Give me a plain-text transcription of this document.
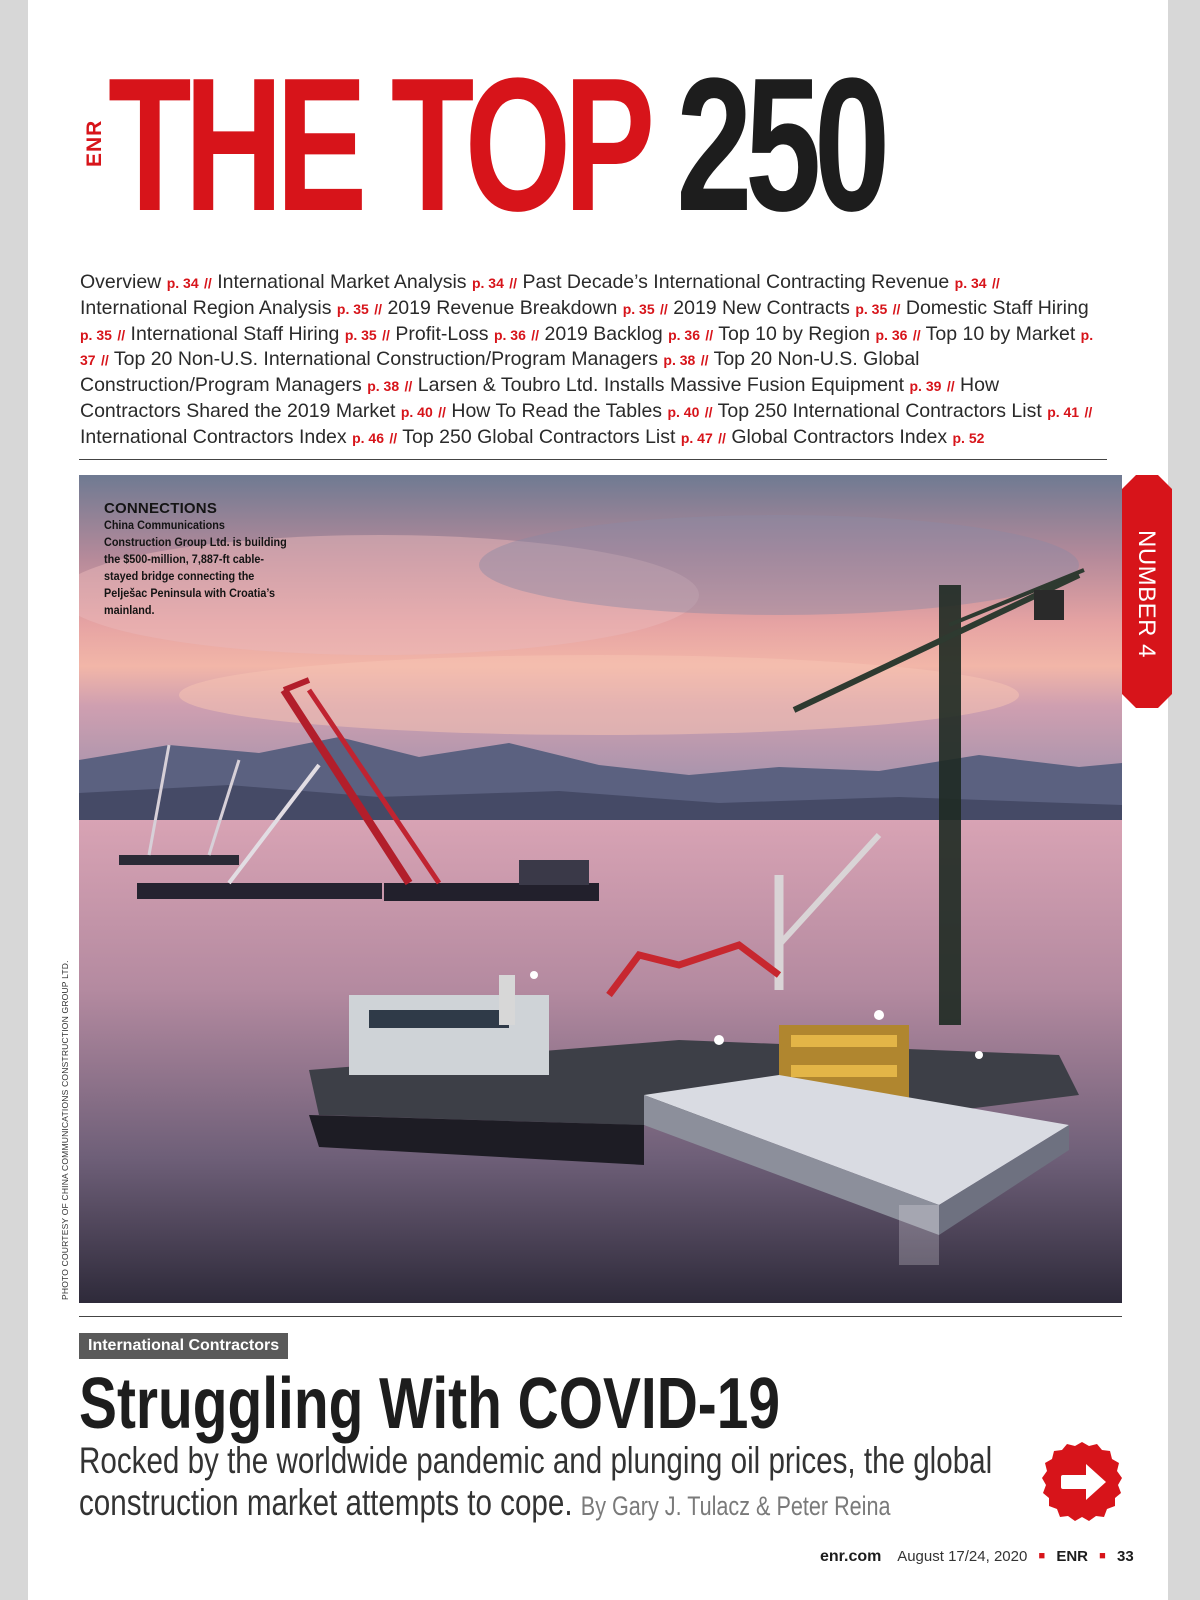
ENR THE TOP 250
Overview p. 34 // International Market Analysis p. 34 // Past Decade’s International Contracting Revenue p. 34 // International Region Analysis p. 35 // 2019 Revenue Breakdown p. 35 // 2019 New Contracts p. 35 // Domestic Staff Hiring p. 35 // International Staff Hiring p. 35 // Profit-Loss p. 36 // 2019 Backlog p. 36 // Top 10 by Region p. 36 // Top 10 by Market p. 37 // Top 20 Non-U.S. International Construction/Program Managers p. 38 // Top 20 Non-U.S. Global Construction/Program Managers p. 38 // Larsen & Toubro Ltd. Installs Massive Fusion Equipment p. 39 // How Contractors Shared the 2019 Market p. 40 // How To Read the Tables p. 40 // Top 250 International Contractors List p. 41 // International Contractors Index p. 46 // Top 250 Global Contractors List p. 47 // Global Contractors Index p. 52
CONNECTIONS
China Communications Construction Group Ltd. is building the $500-million, 7,887-ft cable-stayed bridge connecting the Pelješac Peninsula with Croatia’s mainland.
PHOTO COURTESY OF CHINA COMMUNICATIONS CONSTRUCTION GROUP LTD.
NUMBER 4
International Contractors
Struggling With COVID-19
Rocked by the worldwide pandemic and plunging oil prices, the global construction market attempts to cope. By Gary J. Tulacz & Peter Reina
enr.com August 17/24, 2020 ■ ENR ■ 33
